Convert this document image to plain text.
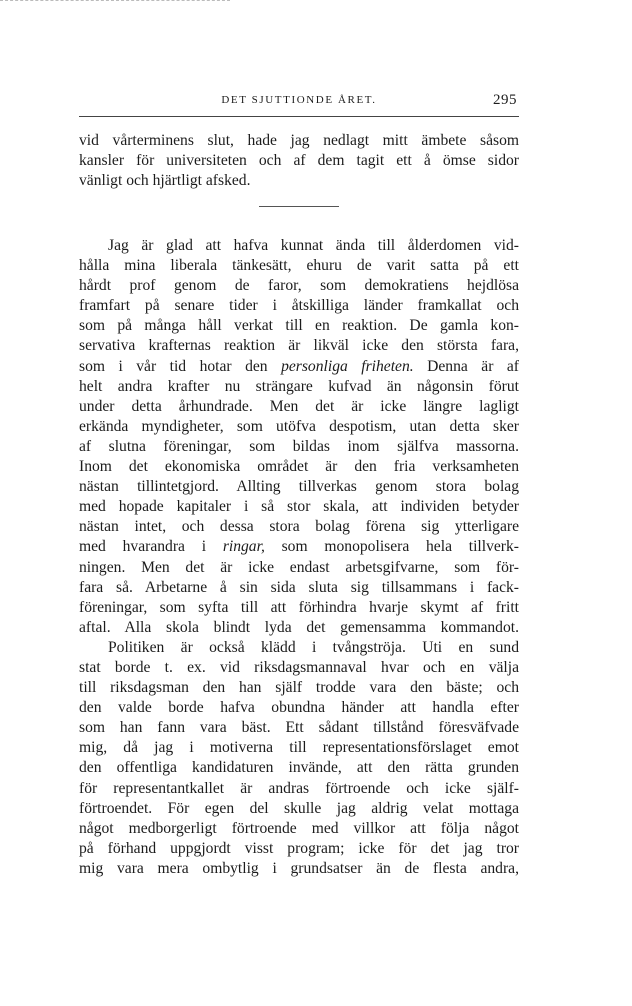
DET SJUTTIONDE ÅRET.	295
vid vårterminens slut, hade jag nedlagt mitt ämbete såsom
kansler för universiteten och af dem tagit ett å ömse sidor
vänligt och hjärtligt afsked.
Jag är glad att hafva kunnat ända till ålderdomen vid-
hålla mina liberala tänkesätt, ehuru de varit satta på ett
hårdt prof genom de faror, som demokratiens hejdlösa
framfart på senare tider i åtskilliga länder framkallat och
som på många håll verkat till en reaktion. De gamla kon-
servativa krafternas reaktion är likväl icke den största fara,
som i vår tid hotar den personliga friheten. Denna är af
helt andra krafter nu strängare kufvad än någonsin förut
under detta århundrade. Men det är icke längre lagligt
erkända myndigheter, som utöfva despotism, utan detta sker
af slutna föreningar, som bildas inom själfva massorna.
Inom det ekonomiska området är den fria verksamheten
nästan tillintetgjord. Allting tillverkas genom stora bolag
med hopade kapitaler i så stor skala, att individen betyder
nästan intet, och dessa stora bolag förena sig ytterligare
med hvarandra i ringar, som monopolisera hela tillverk-
ningen. Men det är icke endast arbetsgifvarne, som för-
fara så. Arbetarne å sin sida sluta sig tillsammans i fack-
föreningar, som syfta till att förhindra hvarje skymt af fritt
aftal. Alla skola blindt lyda det gemensamma kommandot.
Politiken är också klädd i tvångströja. Uti en sund
stat borde t. ex. vid riksdagsmannaval hvar och en välja
till riksdagsman den han själf trodde vara den bäste; och
den valde borde hafva obundna händer att handla efter
som han fann vara bäst. Ett sådant tillstånd föresväfvade
mig, då jag i motiverna till representationsförslaget emot
den offentliga kandidaturen invände, att den rätta grunden
för representantkallet är andras förtroende och icke själf-
förtroendet. För egen del skulle jag aldrig velat mottaga
något medborgerligt förtroende med villkor att följa något
på förhand uppgjordt visst program; icke för det jag tror
mig vara mera ombytlig i grundsatser än de flesta andra,
